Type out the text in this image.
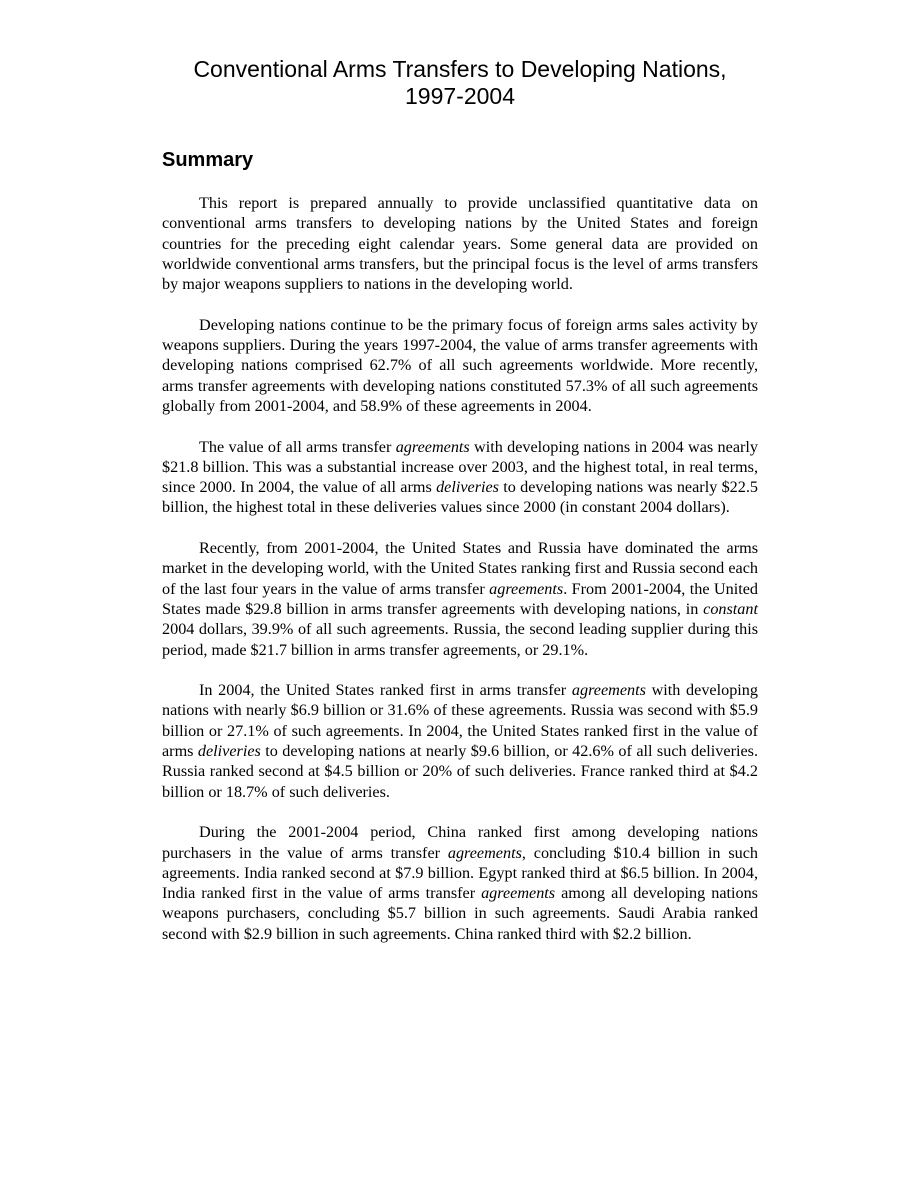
Conventional Arms Transfers to Developing Nations,
1997-2004
Summary

This report is prepared annually to provide unclassified quantitative data on conventional arms transfers to developing nations by the United States and foreign countries for the preceding eight calendar years. Some general data are provided on worldwide conventional arms transfers, but the principal focus is the level of arms transfers by major weapons suppliers to nations in the developing world.

Developing nations continue to be the primary focus of foreign arms sales activity by weapons suppliers. During the years 1997-2004, the value of arms transfer agreements with developing nations comprised 62.7% of all such agreements worldwide. More recently, arms transfer agreements with developing nations constituted 57.3% of all such agreements globally from 2001-2004, and 58.9% of these agreements in 2004.

The value of all arms transfer agreements with developing nations in 2004 was nearly $21.8 billion. This was a substantial increase over 2003, and the highest total, in real terms, since 2000. In 2004, the value of all arms deliveries to developing nations was nearly $22.5 billion, the highest total in these deliveries values since 2000 (in constant 2004 dollars).

Recently, from 2001-2004, the United States and Russia have dominated the arms market in the developing world, with the United States ranking first and Russia second each of the last four years in the value of arms transfer agreements. From 2001-2004, the United States made $29.8 billion in arms transfer agreements with developing nations, in constant 2004 dollars, 39.9% of all such agreements. Russia, the second leading supplier during this period, made $21.7 billion in arms transfer agreements, or 29.1%.

In 2004, the United States ranked first in arms transfer agreements with developing nations with nearly $6.9 billion or 31.6% of these agreements. Russia was second with $5.9 billion or 27.1% of such agreements. In 2004, the United States ranked first in the value of arms deliveries to developing nations at nearly $9.6 billion, or 42.6% of all such deliveries. Russia ranked second at $4.5 billion or 20% of such deliveries. France ranked third at $4.2 billion or 18.7% of such deliveries.

During the 2001-2004 period, China ranked first among developing nations purchasers in the value of arms transfer agreements, concluding $10.4 billion in such agreements. India ranked second at $7.9 billion. Egypt ranked third at $6.5 billion. In 2004, India ranked first in the value of arms transfer agreements among all developing nations weapons purchasers, concluding $5.7 billion in such agreements. Saudi Arabia ranked second with $2.9 billion in such agreements. China ranked third with $2.2 billion.
